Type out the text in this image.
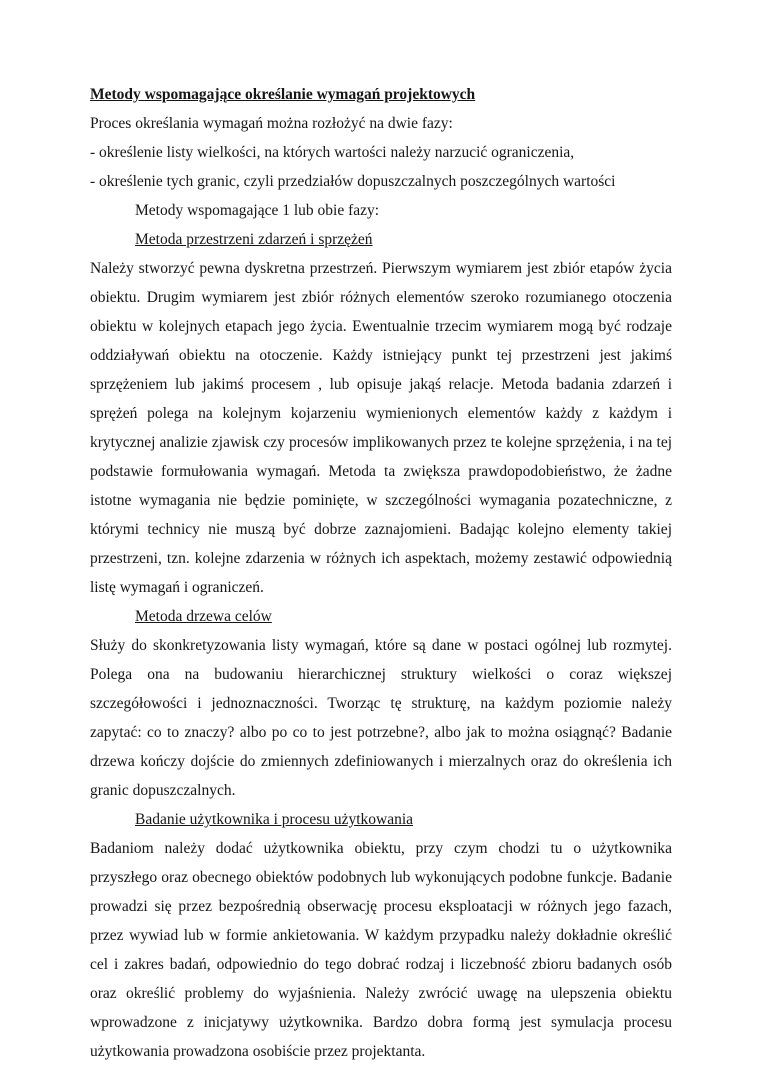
Metody wspomagające określanie wymagań projektowych

Proces określania wymagań można rozłożyć na dwie fazy:

- określenie listy wielkości, na których wartości należy narzucić ograniczenia,

- określenie tych granic, czyli przedziałów dopuszczalnych poszczególnych wartości

Metody wspomagające 1 lub obie fazy:

Metoda przestrzeni zdarzeń i sprzężeń

Należy stworzyć pewna dyskretna przestrzeń. Pierwszym wymiarem jest zbiór etapów życia obiektu. Drugim wymiarem jest zbiór różnych elementów szeroko rozumianego otoczenia obiektu w kolejnych etapach jego życia. Ewentualnie trzecim wymiarem mogą być rodzaje oddziaływań obiektu na otoczenie. Każdy istniejący punkt tej przestrzeni jest jakimś sprzężeniem lub jakimś procesem , lub opisuje jakąś relacje. Metoda badania zdarzeń i sprężeń polega na kolejnym kojarzeniu wymienionych elementów każdy z każdym i krytycznej analizie zjawisk czy procesów implikowanych przez te kolejne sprzężenia, i na tej podstawie formułowania wymagań. Metoda ta zwiększa prawdopodobieństwo, że żadne istotne wymagania nie będzie pominięte, w szczególności wymagania pozatechniczne, z którymi technicy nie muszą być dobrze zaznajomieni. Badając kolejno elementy takiej przestrzeni, tzn. kolejne zdarzenia w różnych ich aspektach, możemy zestawić odpowiednią listę wymagań i ograniczeń.

Metoda drzewa celów

Służy do skonkretyzowania listy wymagań, które są dane w postaci ogólnej lub rozmytej. Polega ona na budowaniu hierarchicznej struktury wielkości o coraz większej szczegółowości i jednoznaczności. Tworząc tę strukturę, na każdym poziomie należy zapytać: co to znaczy? albo po co to jest potrzebne?, albo jak to można osiągnąć? Badanie drzewa kończy dojście do zmiennych zdefiniowanych i mierzalnych oraz do określenia ich granic dopuszczalnych.

Badanie użytkownika i procesu użytkowania

Badaniom należy dodać użytkownika obiektu, przy czym chodzi tu o użytkownika przyszłego oraz obecnego obiektów podobnych lub wykonujących podobne funkcje. Badanie prowadzi się przez bezpośrednią obserwację procesu eksploatacji w różnych jego fazach, przez wywiad lub w formie ankietowania. W każdym przypadku należy dokładnie określić cel i zakres badań, odpowiednio do tego dobrać rodzaj i liczebność zbioru badanych osób oraz określić problemy do wyjaśnienia. Należy zwrócić uwagę na ulepszenia obiektu wprowadzone z inicjatywy użytkownika. Bardzo dobra formą jest symulacja procesu użytkowania prowadzona osobiście przez projektanta.
